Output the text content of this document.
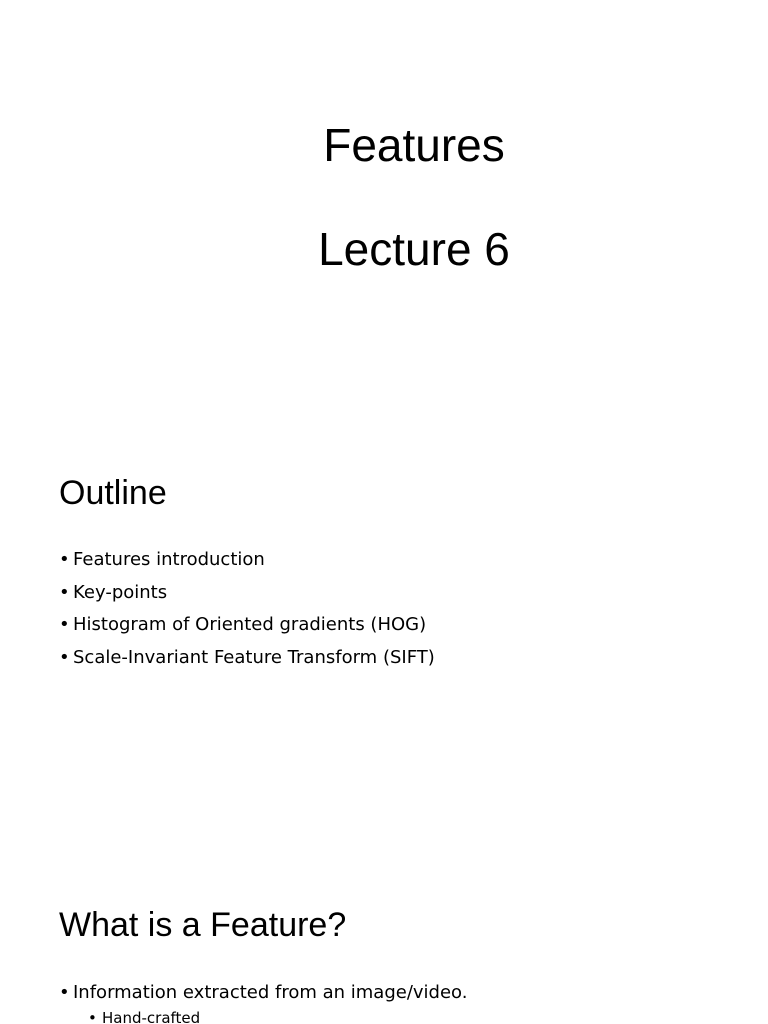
Features
Lecture 6
Outline
• Features introduction
• Key-points
• Histogram of Oriented gradients (HOG)
• Scale-Invariant Feature Transform (SIFT)
What is a Feature?
• Information extracted from an image/video.
• Hand-crafted
